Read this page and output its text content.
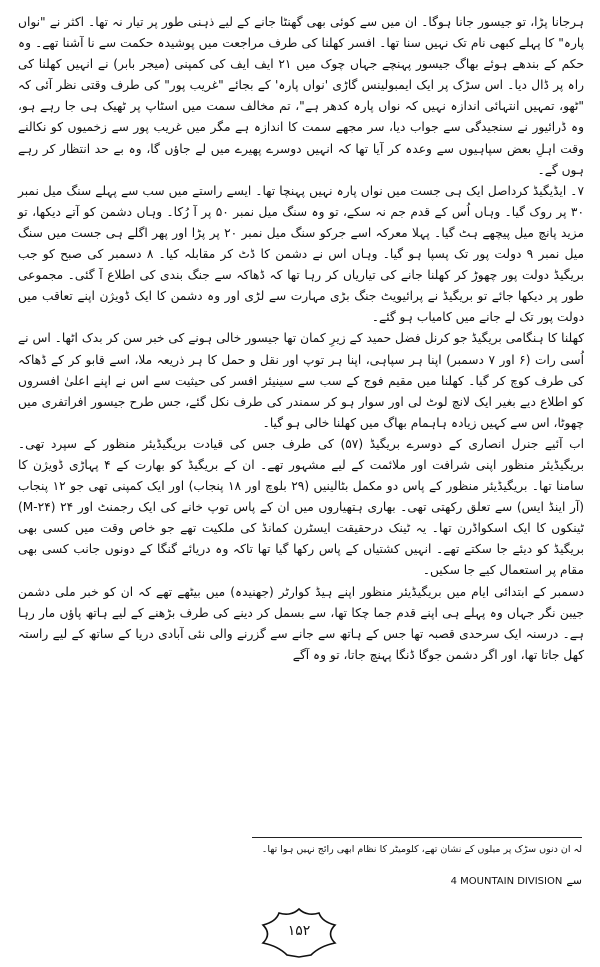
ہرجانا پڑا، تو جیسور جانا ہوگا۔ ان میں سے کوئی بھی گھنٹا جانے کے لیے ذہنی طور پر تیار نہ تھا۔ اکثر نے "نواں پارہ" کا پہلے کبھی نام تک نہیں سنا تھا۔ افسر کھلنا کی طرف مراجعت میں پوشیدہ حکمت سے نا آشنا تھے۔ وہ حکم کے بندھے ہوئے بھاگ جیسور پہنچے جہاں چوک میں ۲۱ ایف ایف کی کمپنی (میجر بابر) نے انہیں کھلنا کی راہ پر ڈال دیا۔ اس سڑک پر ایک ایمبولینس گاڑی 'نواں پارہ' کے بجائے "غریب پور" کی طرف وقتی نظر آئی کہ "ٹھو، تمہیں انتہائی اندازہ نہیں کہ نواں پارہ کدھر ہے"، تم مخالف سمت میں اسٹاپ پر ٹھیک ہی جا رہے ہو، وہ ڈرائیور نے سنجیدگی سے جواب دیا، سر مجھے سمت کا اندازہ ہے مگر میں غریب پور سے زخمیوں کو نکالنے وقت اہلِ بعض سپاہیوں سے وعدہ کر آیا تھا کہ انہیں دوسرے پھیرے میں لے جاؤں گا، وہ بے حد انتظار کر رہے ہوں گے۔

۷۔ ایڈیگیڈ کرداصل ایک ہی جست میں نواں پارہ نہیں پہنچا تھا۔ ایسے راستے میں سب سے پہلے سنگ میل نمبر ۳۰ پر روک گیا۔ وہاں اُس کے قدم جم نہ سکے، تو وہ سنگ میل نمبر ۵۰ پر آ رُکا۔ وہاں دشمن کو آتے دیکھا، تو مزید پانچ میل پیچھے ہٹ گیا۔ پہلا معرکہ اسے جرکو سنگ میل نمبر ۲۰ پر پڑا اور پھر اگلے ہی جست میں سنگ میل نمبر ۹ دولت پور تک پسپا ہو گیا۔ وہاں اس نے دشمن کا ڈٹ کر مقابلہ کیا۔ ۸ دسمبر کی صبح کو جب بریگیڈ دولت پور چھوڑ کر کھلنا جانے کی تیاریاں کر رہا تھا کہ ڈھاکہ سے جنگ بندی کی اطلاع آ گئی۔ مجموعی طور پر دیکھا جائے تو بریگیڈ نے پرائیویٹ جنگ بڑی مہارت سے لڑی اور وہ دشمن کا ایک ڈویژن اپنے تعاقب میں دولت پور تک لے جانے میں کامیاب ہو گئے۔

کھلنا کا ہنگامی بریگیڈ جو کرنل فضل حمید کے زیرِ کمان تھا جیسور خالی ہونے کی خبر سن کر بدک اٹھا۔ اس نے اُسی رات (۶ اور ۷ دسمبر) اپنا ہر سپاہی، اپنا ہر توپ اور نقل و حمل کا ہر ذریعہ ملا، اسے قابو کر کے ڈھاکہ کی طرف کوچ کر گیا۔ کھلنا میں مقیم فوج کے سب سے سینیئر افسر کی حیثیت سے اس نے اپنے اعلیٰ افسروں کو اطلاع دیے بغیر ایک لانچ لوٹ لی اور سوار ہو کر سمندر کی طرف نکل گئے، جس طرح جیسور افراتفری میں چھوٹا، اس سے کہیں زیادہ ہاہمام بھاگ میں کھلنا خالی ہو گیا۔

اب آئیے جنرل انصاری کے دوسرے بریگیڈ (۵۷) کی طرف جس کی قیادت بریگیڈیئر منظور کے سپرد تھی۔ بریگیڈیئر منظور اپنی شرافت اور ملائمت کے لیے مشہور تھے۔ ان کے بریگیڈ کو بھارت کے ۴ پہاڑی ڈویژن کا سامنا تھا۔ بریگیڈیئر منظور کے پاس دو مکمل بٹالینیں (۲۹ بلوچ اور ۱۸ پنجاب) اور ایک کمپنی تھی جو ۱۲ پنجاب (آر اینڈ ایس) سے تعلق رکھتی تھی۔ بھاری ہتھیاروں میں ان کے پاس توپ خانے کی ایک رجمنٹ اور ۲۴ (M-۲۴) ٹینکوں کا ایک اسکواڈرن تھا۔ یہ ٹینک درحقیقت ایسٹرن کمانڈ کی ملکیت تھے جو خاص وقت میں کسی بھی بریگیڈ کو دیئے جا سکتے تھے۔ انہیں کشتیاں کے پاس رکھا گیا تھا تاکہ وہ دریائے گنگا کے دونوں جانب کسی بھی مقام پر استعمال کیے جا سکیں۔

دسمبر کے ابتدائی ایام میں بریگیڈیئر منظور اپنے ہیڈ کوارٹر (جھنیدہ) میں بیٹھے تھے کہ ان کو خبر ملی دشمن جیبن نگر جہاں وہ پہلے ہی اپنے قدم جما چکا تھا، سے بسمل کر دینے کی طرف بڑھنے کے لیے ہاتھ پاؤں مار رہا ہے۔ درسنہ ایک سرحدی قصبہ تھا جس کے ہاتھ سے جانے سے گزرنے والی نئی آبادی دریا کے ساتھ کے لیے راستہ کھل جاتا تھا، اور اگر دشمن جوگا ڈنگا پہنچ جاتا، تو وہ آگے

لہ ان دنوں سڑک پر میلوں کے نشان تھے، کلومیٹر کا نظام ابھی رائج نہیں ہوا تھا۔
4 MOUNTAIN DIVISION سے
۱۵۲
